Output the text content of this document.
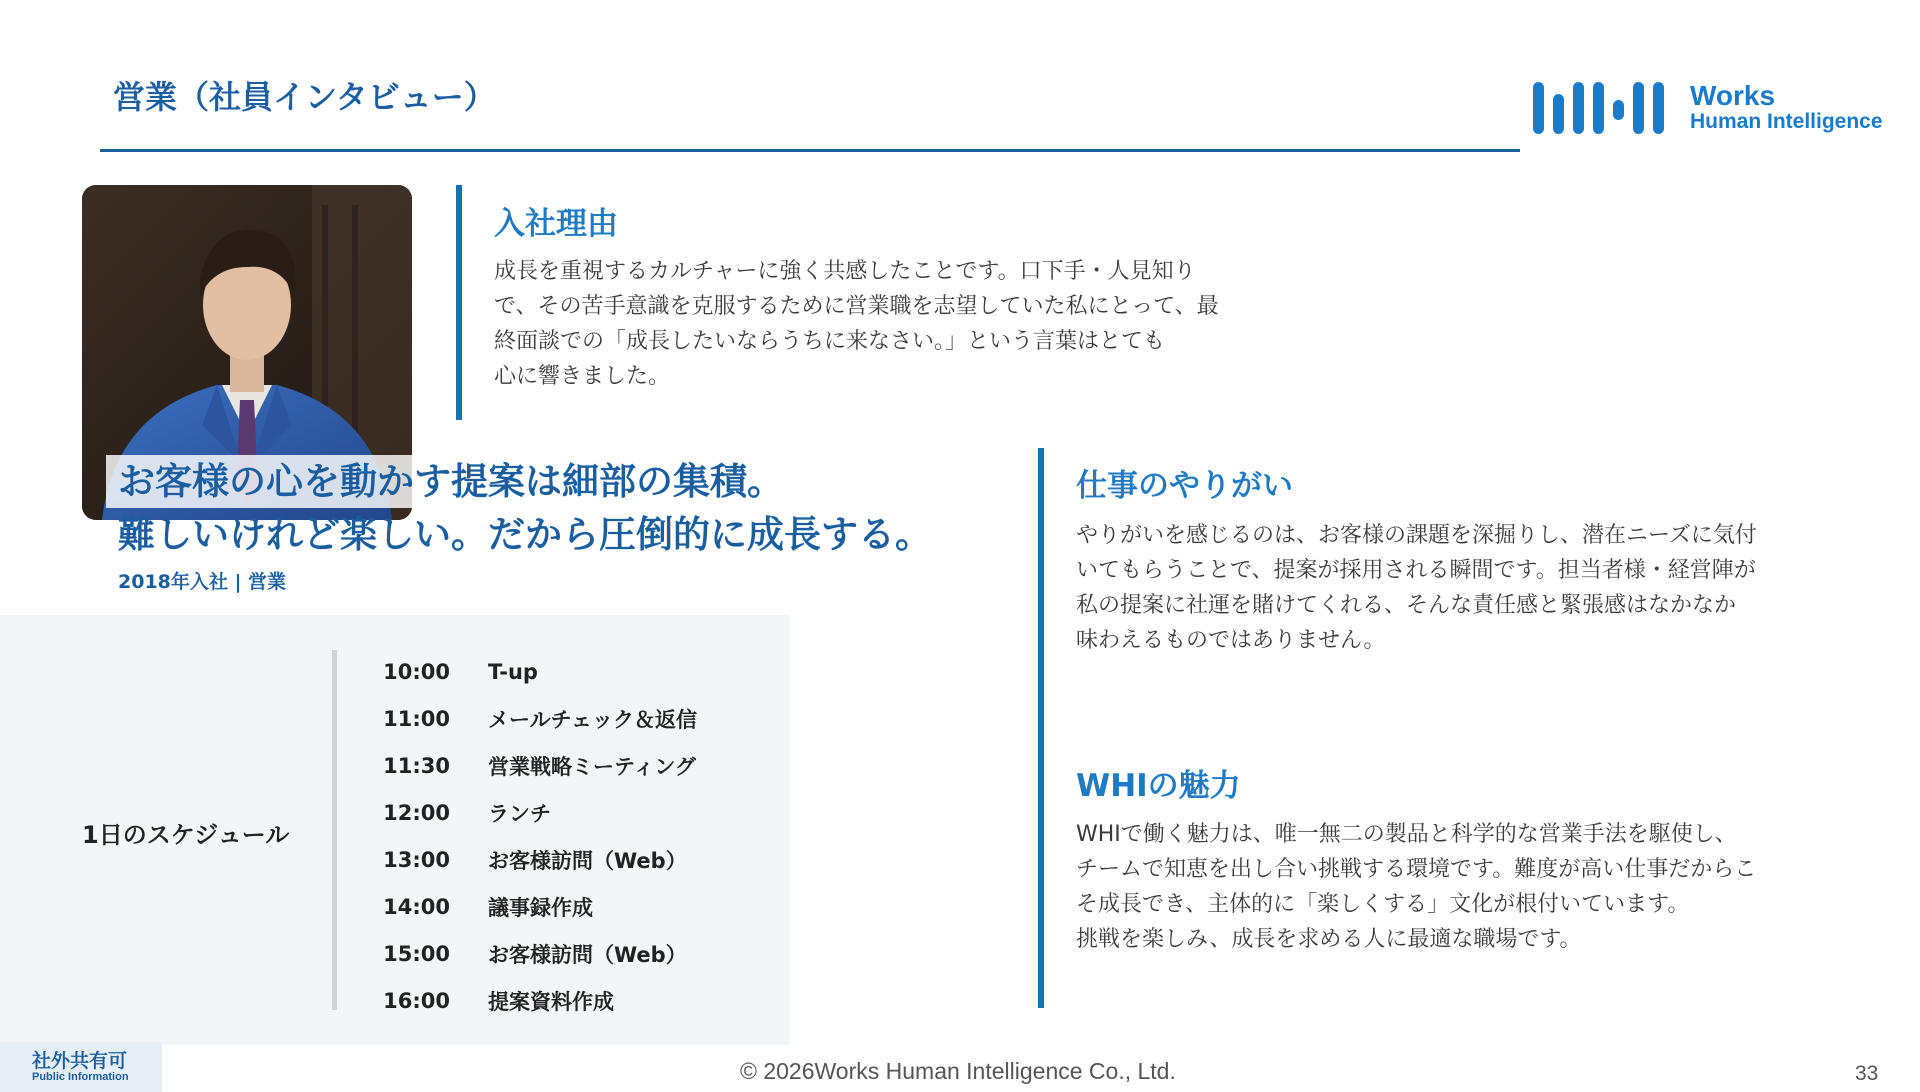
営業（社員インタビュー）	Works
Human Intelligence
入社理由
成長を重視するカルチャーに強く共感したことです。口下手・人見知り
で、その苦手意識を克服するために営業職を志望していた私にとって、最
終面談での「成長したいならうちに来なさい。」という言葉はとても
心に響きました。
お客様の心を動かす提案は細部の集積。
難しいけれど楽しい。だから圧倒的に成長する。
2018年入社 | 営業
1日のスケジュール
10:00 T-up
11:00 メールチェック＆返信
11:30 営業戦略ミーティング
12:00 ランチ
13:00 お客様訪問（Web）
14:00 議事録作成
15:00 お客様訪問（Web）
16:00 提案資料作成
仕事のやりがい
やりがいを感じるのは、お客様の課題を深掘りし、潜在ニーズに気付
いてもらうことで、提案が採用される瞬間です。担当者様・経営陣が
私の提案に社運を賭けてくれる、そんな責任感と緊張感はなかなか
味わえるものではありません。
WHIの魅力
WHIで働く魅力は、唯一無二の製品と科学的な営業手法を駆使し、
チームで知恵を出し合い挑戦する環境です。難度が高い仕事だからこ
そ成長でき、主体的に「楽しくする」文化が根付いています。
挑戦を楽しみ、成長を求める人に最適な職場です。
社外共有可
Public Information	© 2026Works Human Intelligence Co., Ltd.	33
